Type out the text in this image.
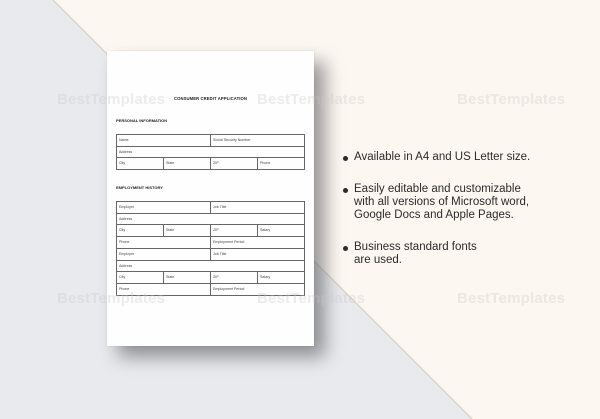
CONSUMER CREDIT APPLICATION
PERSONAL INFORMATION
Name		Social Security Number	
Address			
City	State	ZIP	Phone
EMPLOYMENT HISTORY
Employer		Job Title	
Address			
City	State	ZIP	Salary
Phone		Employment Period	
Employer		Job Title	
Address			
City	State	ZIP	Salary
Phone		Employment Period	
BestTemplates	BestTemplates	BestTemplates
BestTemplates	BestTemplates	BestTemplates
Available in A4 and US Letter size.
Easily editable and customizable
with all versions of Microsoft word,
Google Docs and Apple Pages.
Business standard fonts
are used.
